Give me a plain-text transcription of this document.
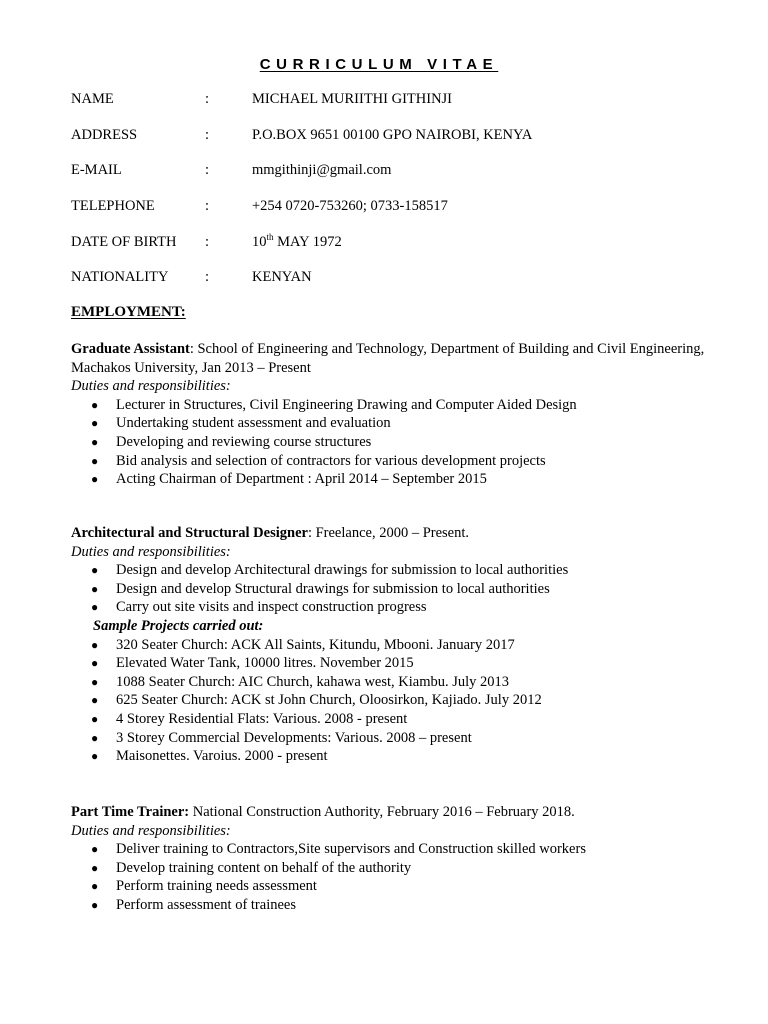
CURRICULUM VITAE
NAME	:	MICHAEL MURIITHI GITHINJI
ADDRESS	:	P.O.BOX 9651 00100 GPO NAIROBI, KENYA
E-MAIL	:	mmgithinji@gmail.com
TELEPHONE	:	+254 0720-753260; 0733-158517
DATE OF BIRTH :	10th MAY 1972
NATIONALITY	:	KENYAN
EMPLOYMENT:

Graduate Assistant: School of Engineering and Technology, Department of Building and Civil Engineering, Machakos University, Jan 2013 – Present

Duties and responsibilities:

● Lecturer in Structures, Civil Engineering Drawing and Computer Aided Design
● Undertaking student assessment and evaluation
● Developing and reviewing course structures
● Bid analysis and selection of contractors for various development projects
● Acting Chairman of Department : April 2014 – September 2015

Architectural and Structural Designer: Freelance, 2000 – Present.

Duties and responsibilities:

● Design and develop Architectural drawings for submission to local authorities
● Design and develop Structural drawings for submission to local authorities
● Carry out site visits and inspect construction progress

Sample Projects carried out:

● 320 Seater Church: ACK All Saints, Kitundu, Mbooni. January 2017
● Elevated Water Tank, 10000 litres. November 2015
● 1088 Seater Church: AIC Church, kahawa west, Kiambu. July 2013
● 625 Seater Church: ACK st John Church, Oloosirkon, Kajiado. July 2012
● 4 Storey Residential Flats: Various. 2008 - present
● 3 Storey Commercial Developments: Various. 2008 – present
● Maisonettes. Varoius. 2000 - present

Part Time Trainer: National Construction Authority, February 2016 – February 2018.

Duties and responsibilities:

● Deliver training to Contractors,Site supervisors and Construction skilled workers
● Develop training content on behalf of the authority
● Perform training needs assessment
● Perform assessment of trainees
